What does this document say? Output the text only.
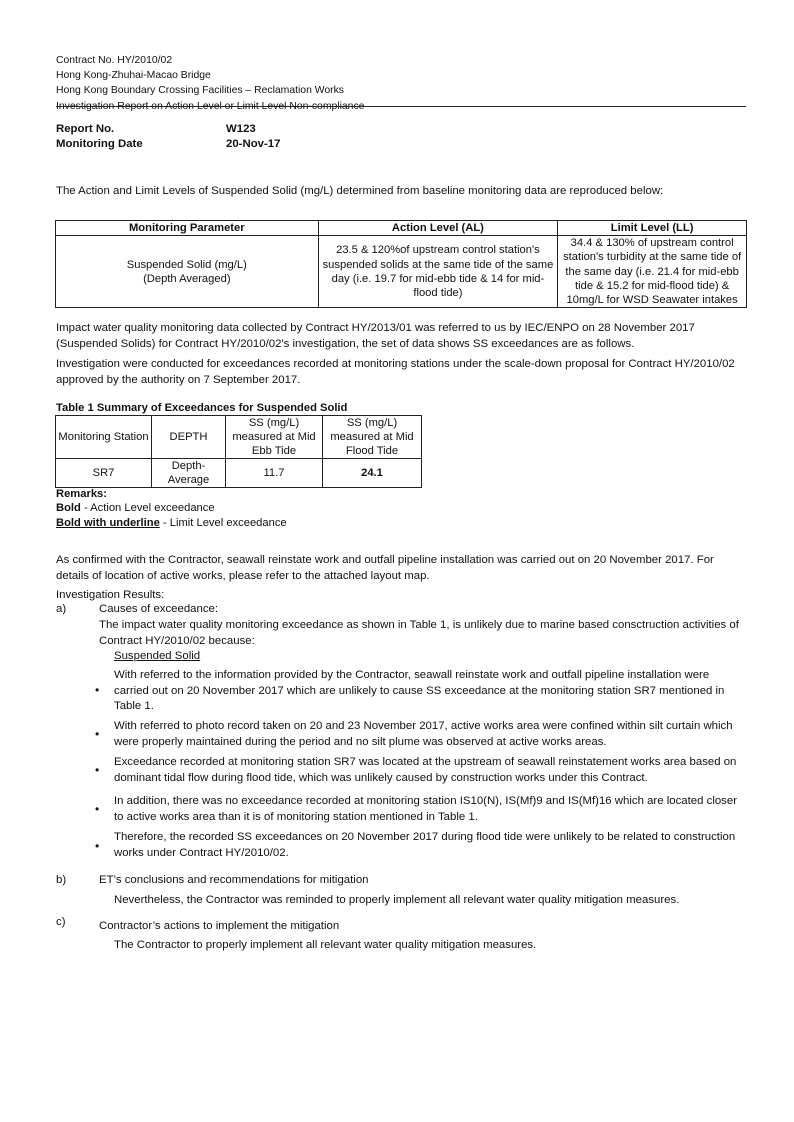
Contract No. HY/2010/02
Hong Kong-Zhuhai-Macao Bridge
Hong Kong Boundary Crossing Facilities – Reclamation Works
Investigation Report on Action Level or Limit Level Non-compliance
Report No.	W123
Monitoring Date	20-Nov-17
The Action and Limit Levels of Suspended Solid (mg/L) determined from baseline monitoring data are reproduced below:
Monitoring Parameter	Action Level (AL)	Limit Level (LL)

Suspended Solid (mg/L)
(Depth Averaged)	23.5 & 120%of upstream control station's suspended solids at the same tide of the same day (i.e. 19.7 for mid-ebb tide & 14 for mid-flood tide)	34.4 & 130% of upstream control station's turbidity at the same tide of the same day (i.e. 21.4 for mid-ebb tide & 15.2 for mid-flood tide) & 10mg/L for WSD Seawater intakes
Impact water quality monitoring data collected by Contract HY/2013/01 was referred to us by IEC/ENPO on 28 November 2017 (Suspended Solids) for Contract HY/2010/02's investigation, the set of data shows SS exceedances are as follows.
Investigation were conducted for exceedances recorded at monitoring stations under the scale-down proposal for Contract HY/2010/02 approved by the authority on 7 September 2017.
Table 1 Summary of Exceedances for Suspended Solid
Monitoring Station	DEPTH	SS (mg/L) measured at Mid Ebb Tide	SS (mg/L) measured at Mid Flood Tide
SR7	Depth-Average	11.7	24.1
Remarks:
Bold - Action Level exceedance
Bold with underline - Limit Level exceedance
As confirmed with the Contractor, seawall reinstate work and outfall pipeline installation was carried out on 20 November 2017. For details of location of active works, please refer to the attached layout map.
Investigation Results:
a)	Causes of exceedance:
The impact water quality monitoring exceedance as shown in Table 1, is unlikely due to marine based consctruction activities of Contract HY/2010/02 because:
Suspended Solid
•
With referred to the information provided by the Contractor, seawall reinstate work and outfall pipeline installation were carried out on 20 November 2017 which are unlikely to cause SS exceedance at the monitoring station SR7 mentioned in Table 1.
•
With referred to photo record taken on 20 and 23 November 2017, active works area were confined within silt curtain which were properly maintained during the period and no silt plume was observed at active works areas.
•
Exceedance recorded at monitoring station SR7 was located at the upstream of seawall reinstatement works area based on dominant tidal flow during flood tide, which was unlikely caused by construction works under this Contract.
•
In addition, there was no exceedance recorded at monitoring station IS10(N), IS(Mf)9 and IS(Mf)16 which are located closer to active works area than it is of monitoring station mentioned in Table 1.
•
Therefore, the recorded SS exceedances on 20 November 2017 during flood tide were unlikely to be related to construction works under Contract HY/2010/02.
b)	ET’s conclusions and recommendations for mitigation
Nevertheless, the Contractor was reminded to properly implement all relevant water quality mitigation measures.
c)	Contractor’s actions to implement the mitigation
The Contractor to properly implement all relevant water quality mitigation measures.
